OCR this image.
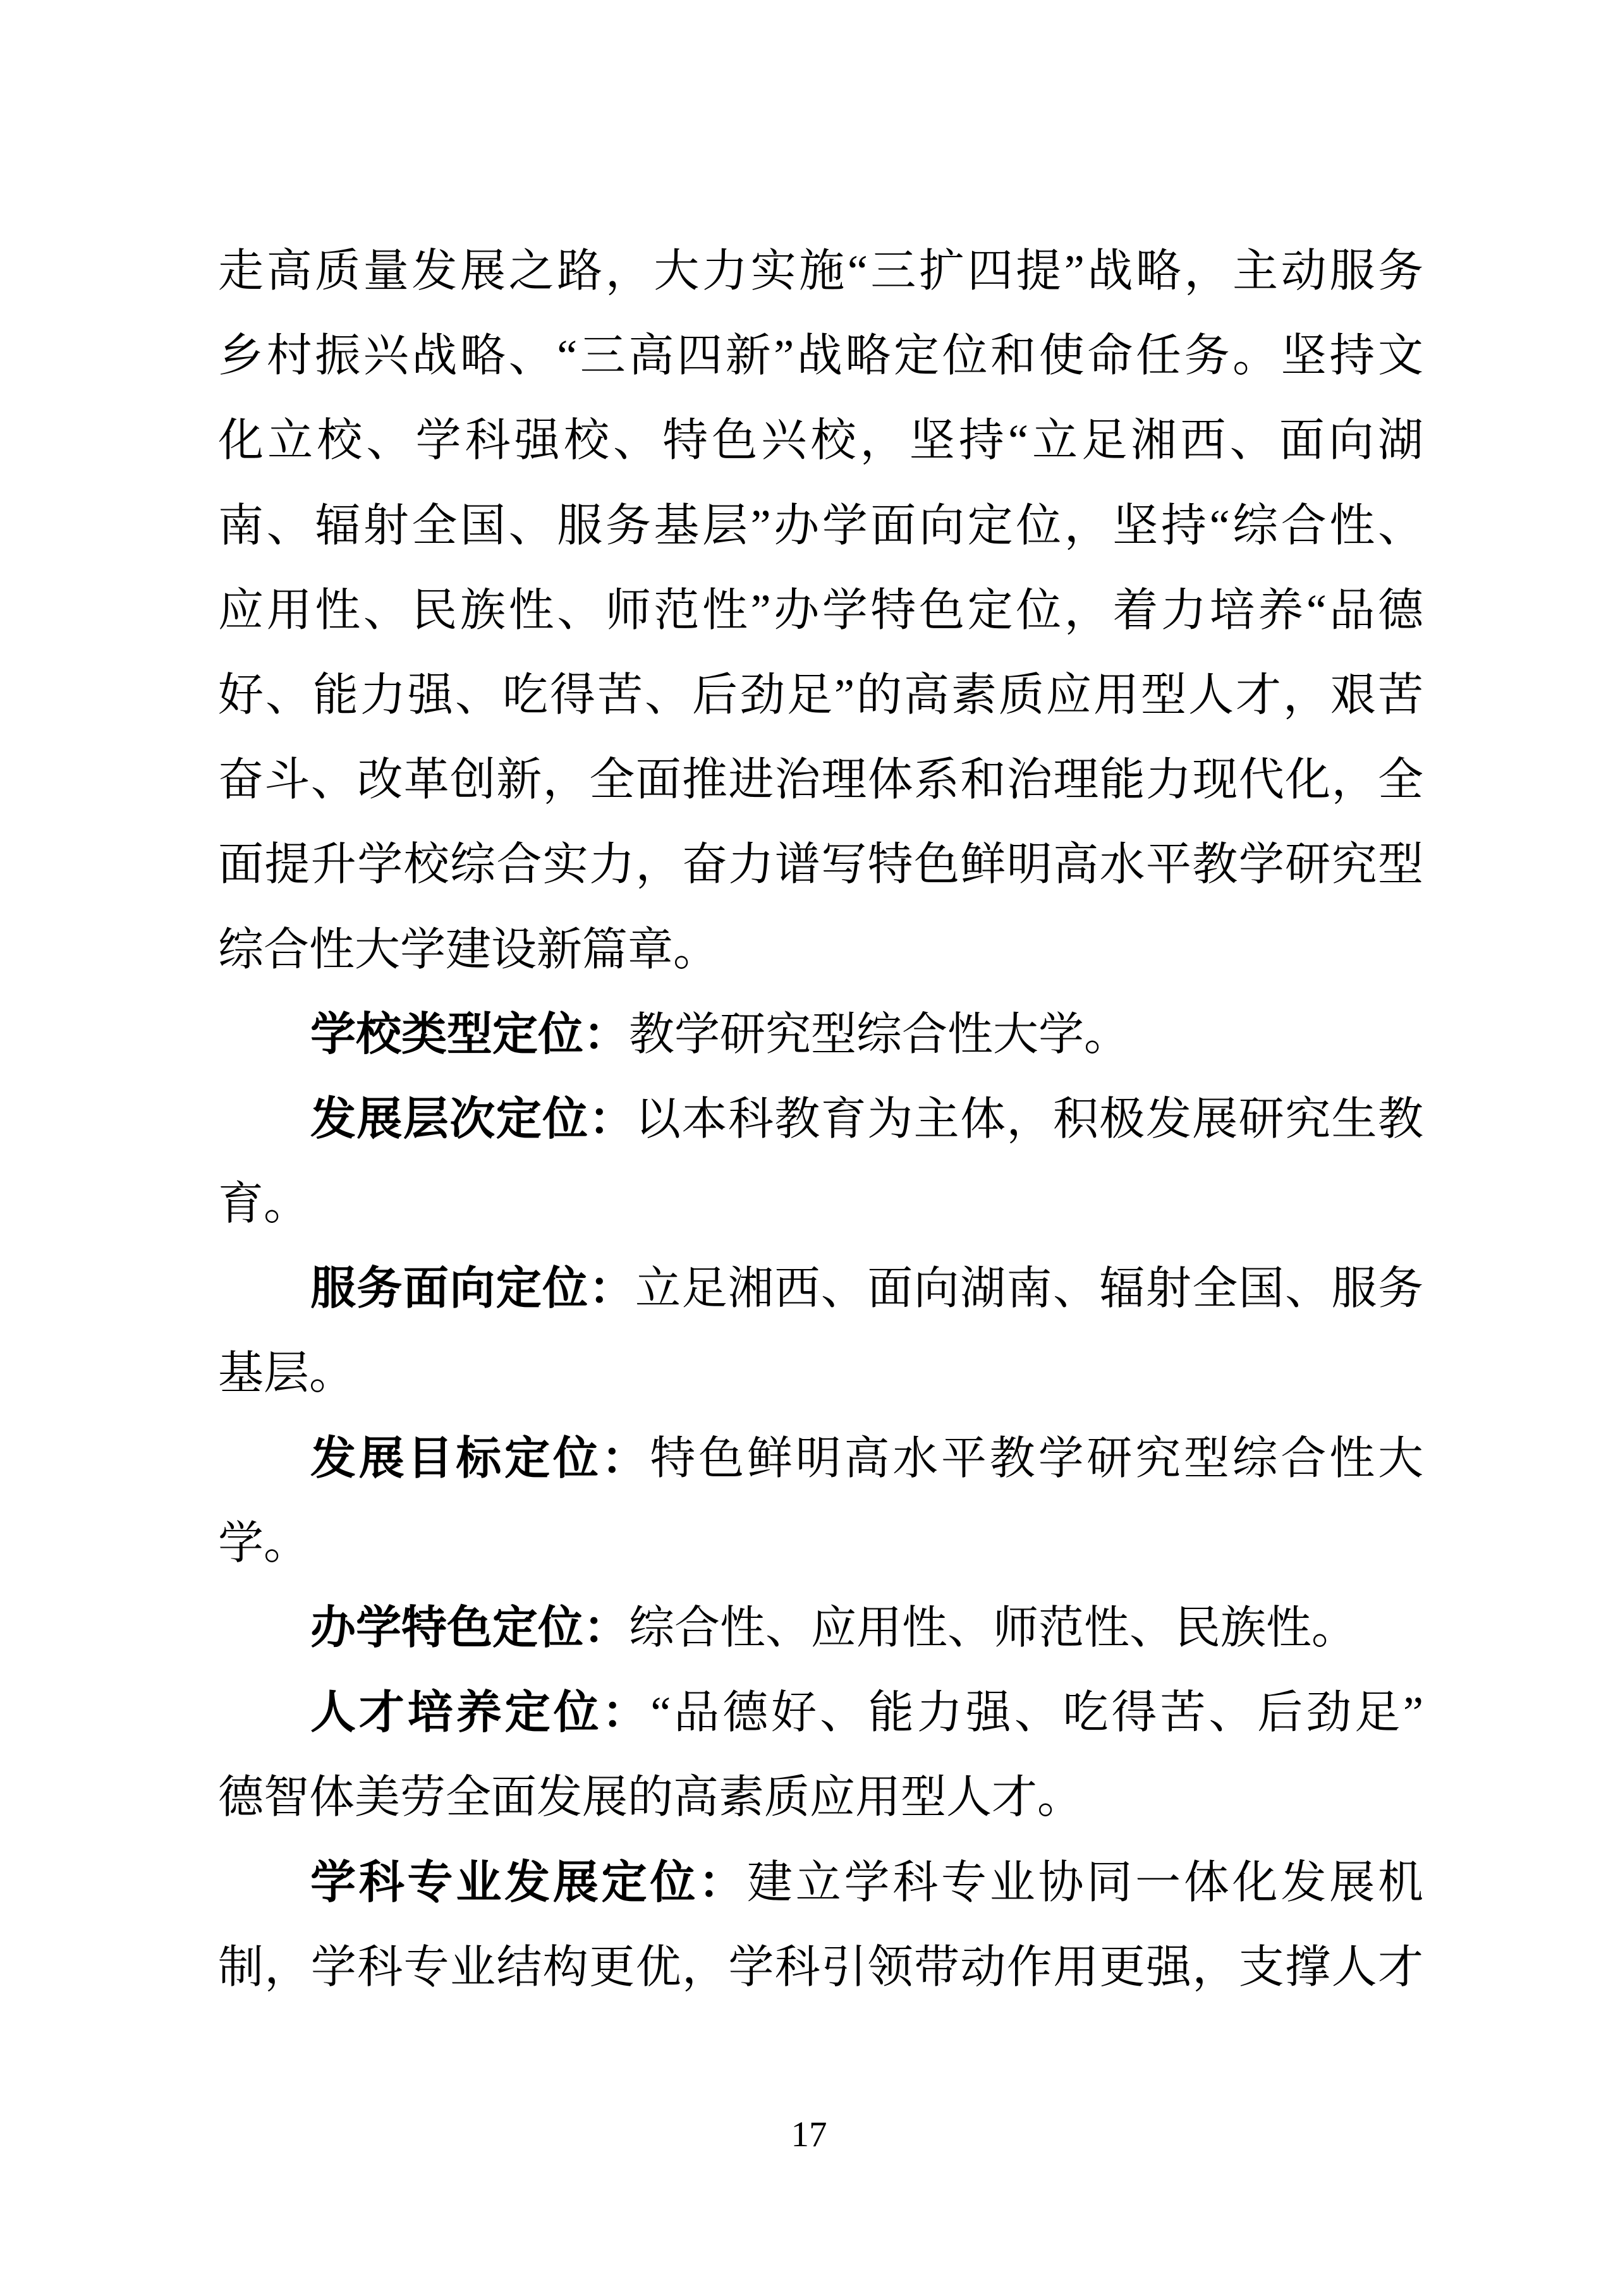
走高质量发展之路，大力实施“三扩四提”战略，主动服务
乡村振兴战略、“三高四新”战略定位和使命任务。坚持文
化立校、学科强校、特色兴校，坚持“立足湘西、面向湖
南、辐射全国、服务基层”办学面向定位，坚持“综合性、
应用性、民族性、师范性”办学特色定位，着力培养“品德
好、能力强、吃得苦、后劲足”的高素质应用型人才，艰苦
奋斗、改革创新，全面推进治理体系和治理能力现代化，全
面提升学校综合实力，奋力谱写特色鲜明高水平教学研究型
综合性大学建设新篇章。
学校类型定位：教学研究型综合性大学。
发展层次定位：以本科教育为主体，积极发展研究生教
育。
服务面向定位：立足湘西、面向湖南、辐射全国、服务
基层。
发展目标定位：特色鲜明高水平教学研究型综合性大
学。
办学特色定位：综合性、应用性、师范性、民族性。
人才培养定位：“品德好、能力强、吃得苦、后劲足”
德智体美劳全面发展的高素质应用型人才。
学科专业发展定位：建立学科专业协同一体化发展机
制，学科专业结构更优，学科引领带动作用更强，支撑人才
17
